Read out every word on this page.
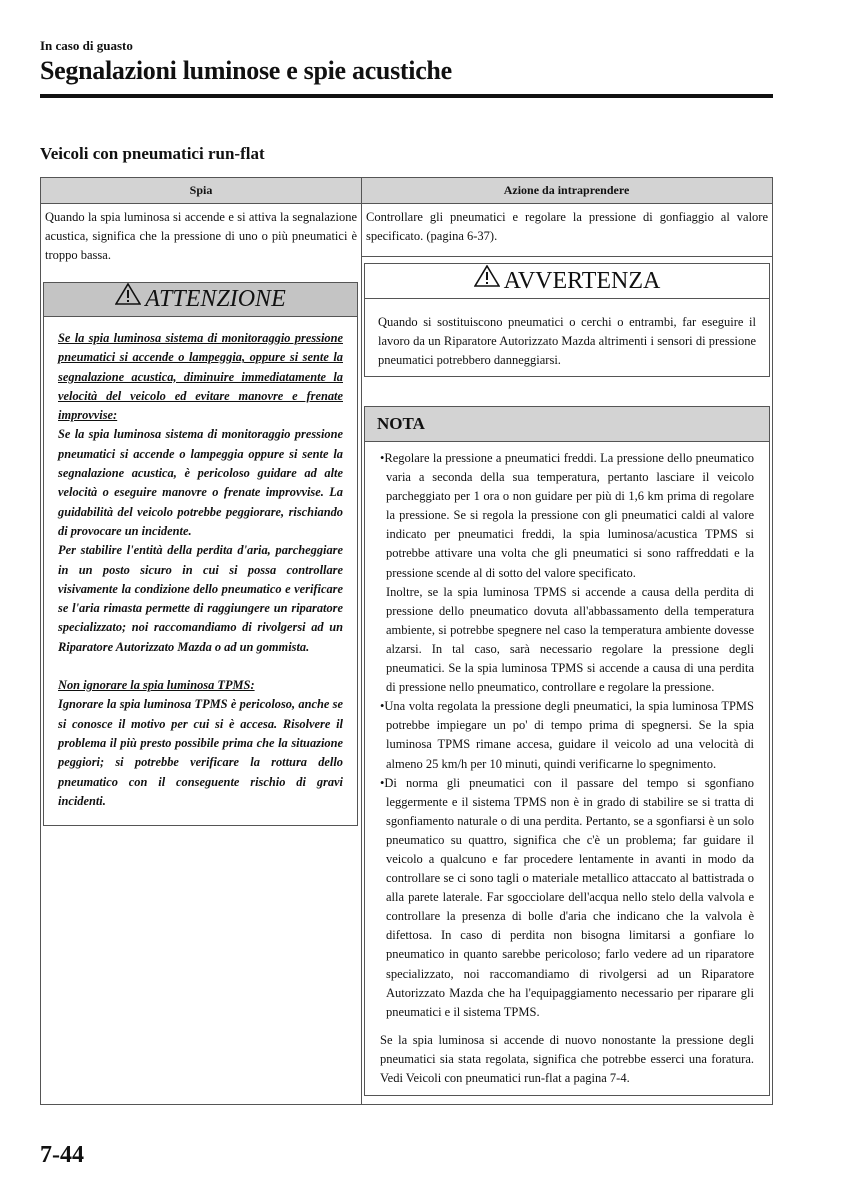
In caso di guasto
Segnalazioni luminose e spie acustiche
Veicoli con pneumatici run-flat
Spia	Azione da intraprendere
Quando la spia luminosa si accende e si attiva la segnalazione acustica, significa che la pressione di uno o più pneumatici è troppo bassa.
Controllare gli pneumatici e regolare la pressione di gonfiaggio al valore specificato. (pagina 6-37).
ATTENZIONE

Se la spia luminosa sistema di monitoraggio pressione pneumatici si accende o lampeggia, oppure si sente la segnalazione acustica, diminuire immediatamente la velocità del veicolo ed evitare manovre e frenate improvvise:

Se la spia luminosa sistema di monitoraggio pressione pneumatici si accende o lampeggia oppure si sente la segnalazione acustica, è pericoloso guidare ad alte velocità o eseguire manovre o frenate improvvise. La guidabilità del veicolo potrebbe peggiorare, rischiando di provocare un incidente.

Per stabilire l'entità della perdita d'aria, parcheggiare in un posto sicuro in cui si possa controllare visivamente la condizione dello pneumatico e verificare se l'aria rimasta permette di raggiungere un riparatore specializzato; noi raccomandiamo di rivolgersi ad un Riparatore Autorizzato Mazda o ad un gommista.

Non ignorare la spia luminosa TPMS:

Ignorare la spia luminosa TPMS è pericoloso, anche se si conosce il motivo per cui si è accesa. Risolvere il problema il più presto possibile prima che la situazione peggiori; si potrebbe verificare la rottura dello pneumatico con il conseguente rischio di gravi incidenti.

AVVERTENZA
Quando si sostituiscono pneumatici o cerchi o entrambi, far eseguire il lavoro da un Riparatore Autorizzato Mazda altrimenti i sensori di pressione pneumatici potrebbero danneggiarsi.
NOTA

•Regolare la pressione a pneumatici freddi. La pressione dello pneumatico varia a seconda della sua temperatura, pertanto lasciare il veicolo parcheggiato per 1 ora o non guidare per più di 1,6 km prima di regolare la pressione. Se si regola la pressione con gli pneumatici caldi al valore indicato per pneumatici freddi, la spia luminosa/acustica TPMS si potrebbe attivare una volta che gli pneumatici si sono raffreddati e la pressione scende al di sotto del valore specificato.

Inoltre, se la spia luminosa TPMS si accende a causa della perdita di pressione dello pneumatico dovuta all'abbassamento della temperatura ambiente, si potrebbe spegnere nel caso la temperatura ambiente dovesse alzarsi. In tal caso, sarà necessario regolare la pressione degli pneumatici. Se la spia luminosa TPMS si accende a causa di una perdita di pressione nello pneumatico, controllare e regolare la pressione.

•Una volta regolata la pressione degli pneumatici, la spia luminosa TPMS potrebbe impiegare un po' di tempo prima di spegnersi. Se la spia luminosa TPMS rimane accesa, guidare il veicolo ad una velocità di almeno 25 km/h per 10 minuti, quindi verificarne lo spegnimento.

•Di norma gli pneumatici con il passare del tempo si sgonfiano leggermente e il sistema TPMS non è in grado di stabilire se si tratta di sgonfiamento naturale o di una perdita. Pertanto, se a sgonfiarsi è un solo pneumatico su quattro, significa che c'è un problema; far guidare il veicolo a qualcuno e far procedere lentamente in avanti in modo da controllare se ci sono tagli o materiale metallico attaccato al battistrada o alla parete laterale. Far sgocciolare dell'acqua nello stelo della valvola e controllare la presenza di bolle d'aria che indicano che la valvola è difettosa. In caso di perdita non bisogna limitarsi a gonfiare lo pneumatico in quanto sarebbe pericoloso; farlo vedere ad un riparatore specializzato, noi raccomandiamo di rivolgersi ad un Riparatore Autorizzato Mazda che ha l'equipaggiamento necessario per riparare gli pneumatici e il sistema TPMS.

Se la spia luminosa si accende di nuovo nonostante la pressione degli pneumatici sia stata regolata, significa che potrebbe esserci una foratura. Vedi Veicoli con pneumatici run-flat a pagina 7-4.

7-44
